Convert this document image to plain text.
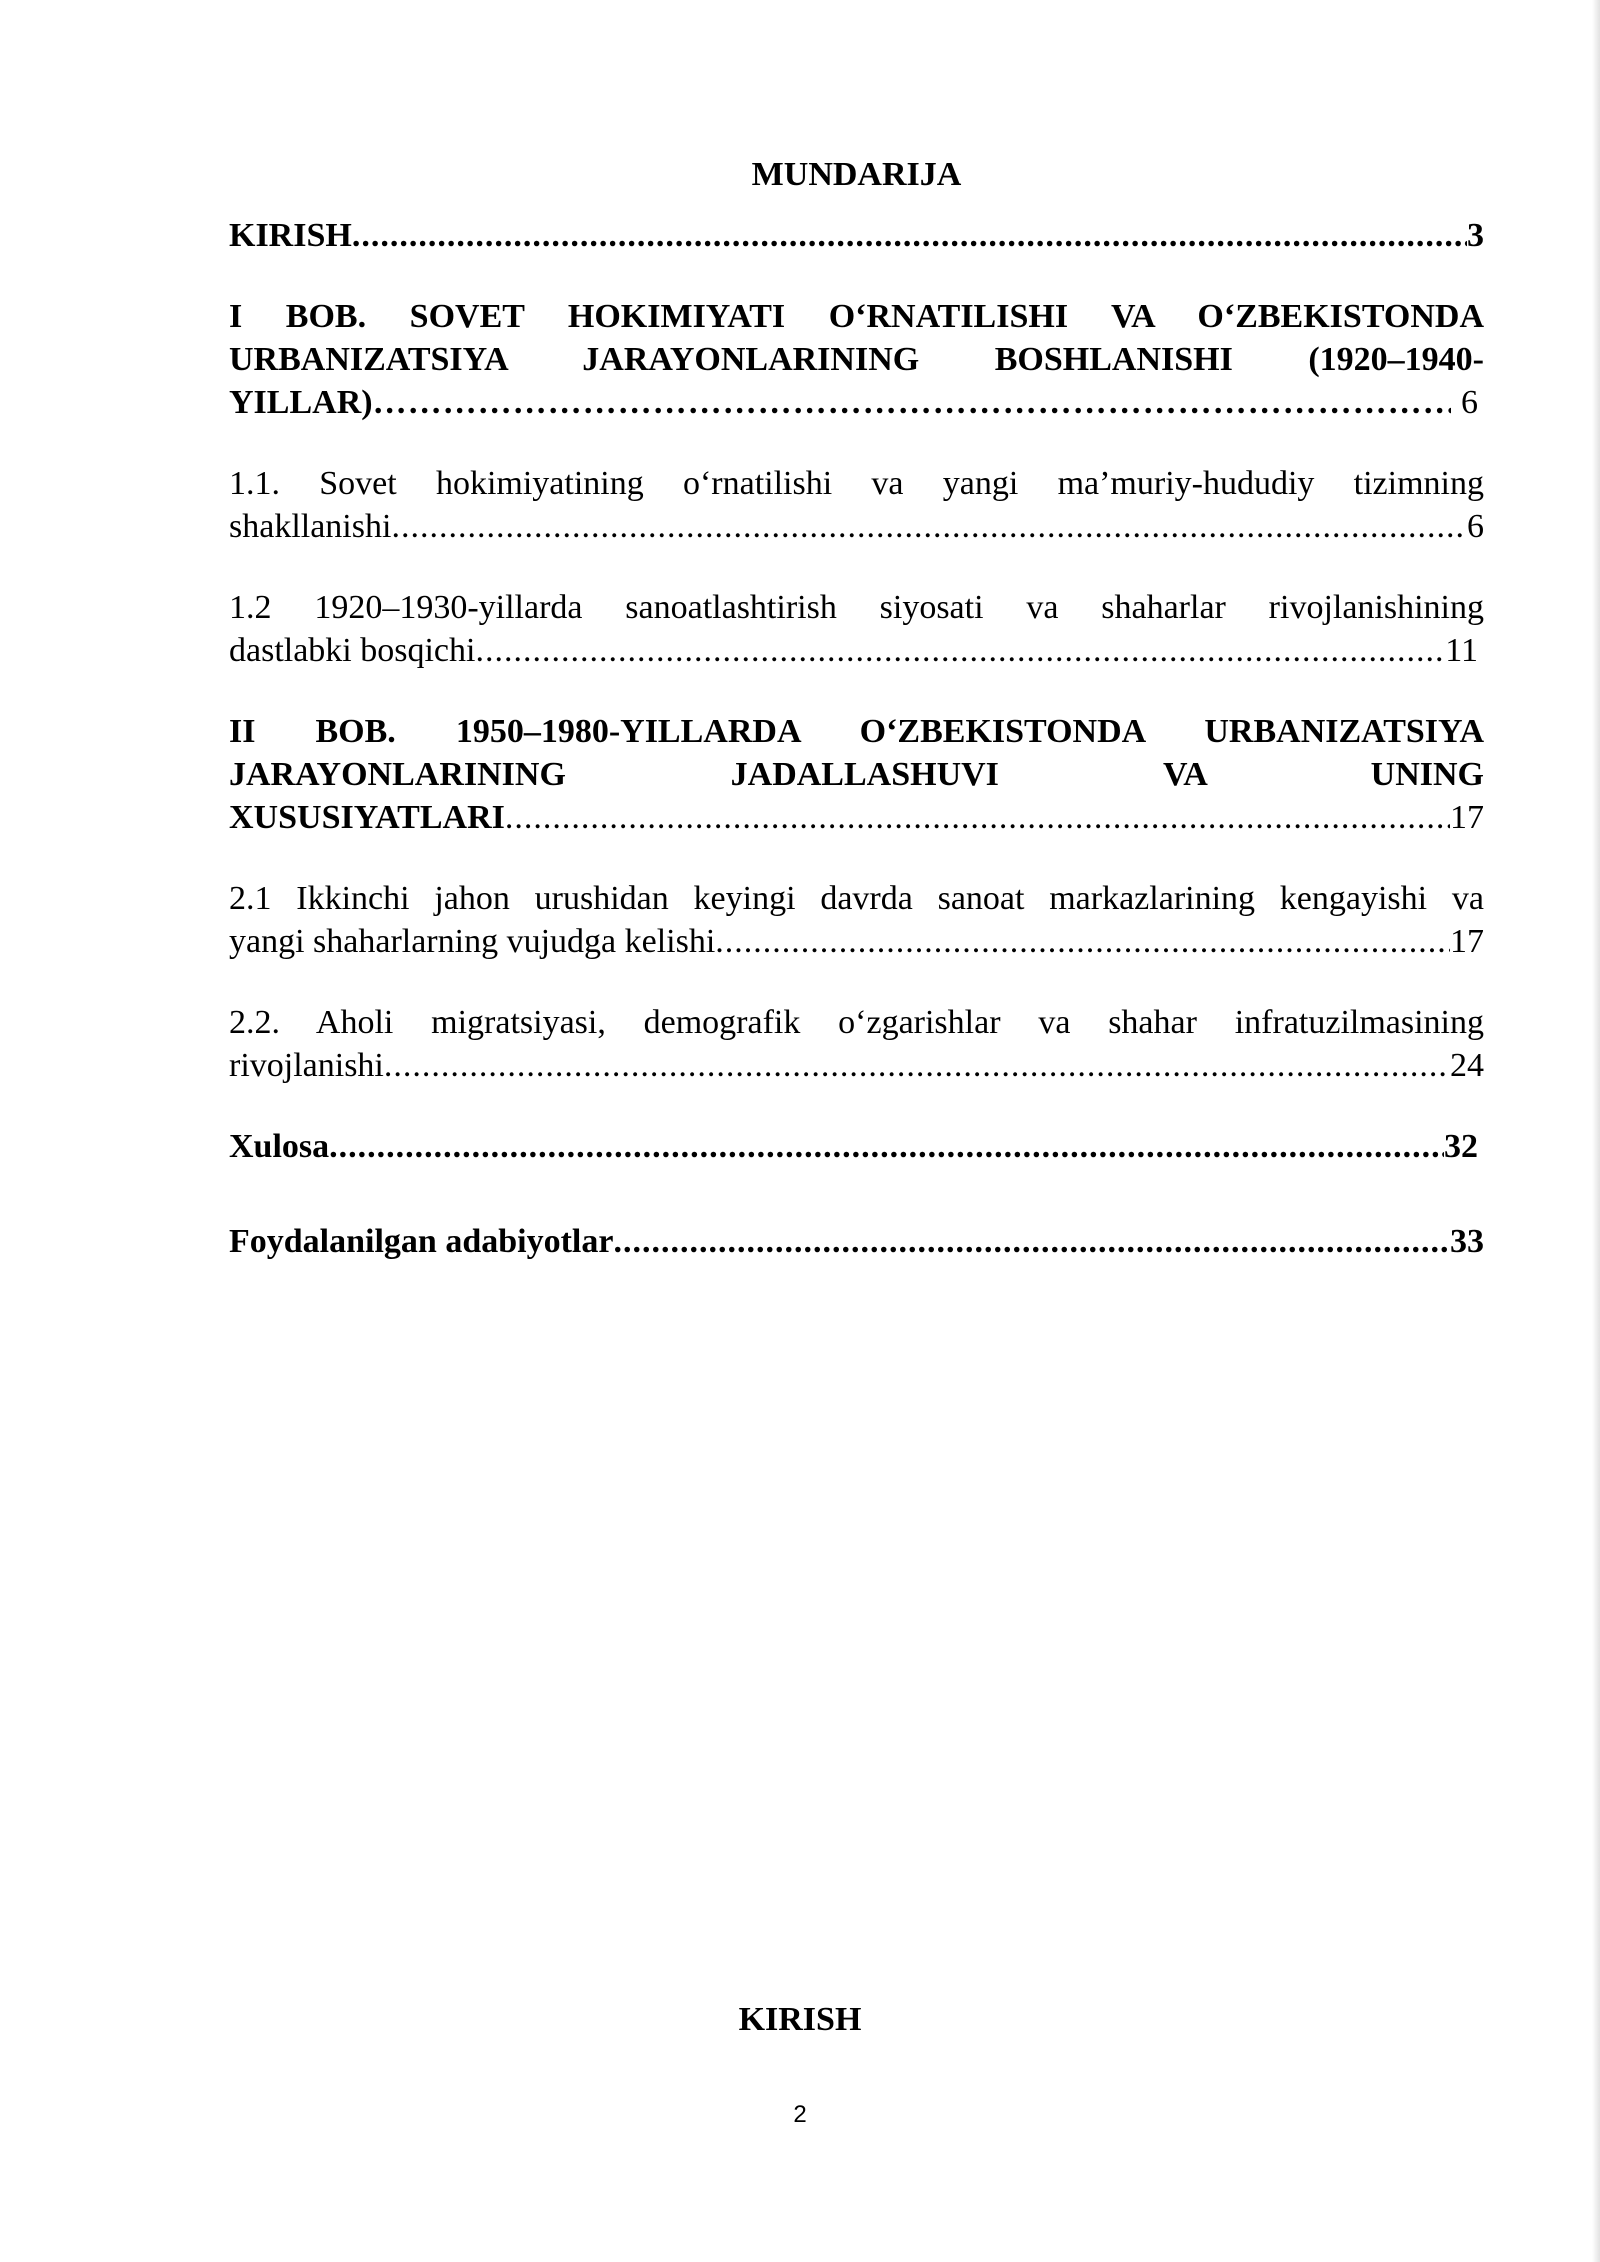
MUNDARIJA
KIRISH .....	3
I BOB. SOVET HOKIMIYATI O‘RNATILISHI VA O‘ZBEKISTONDA
URBANIZATSIYA JARAYONLARINING BOSHLANISHI (1920–1940-
YILLAR) ……………………………………………………………………………………………………………………………………………………………………	6
1.1. Sovet hokimiyatining o‘rnatilishi va yangi ma’muriy-hududiy tizimning
shakllanishi .....	6
1.2 1920–1930-yillarda sanoatlashtirish siyosati va shaharlar rivojlanishining
dastlabki bosqichi .....	11
II BOB. 1950–1980-YILLARDA O‘ZBEKISTONDA URBANIZATSIYA
JARAYONLARINING JADALLASHUVI VA UNING
XUSUSIYATLARI .....	17
2.1 Ikkinchi jahon urushidan keyingi davrda sanoat markazlarining kengayishi va
yangi shaharlarning vujudga kelishi .....	17
2.2. Aholi migratsiyasi, demografik o‘zgarishlar va shahar infratuzilmasining
rivojlanishi .....	24
Xulosa .....	32
Foydalanilgan adabiyotlar .....	33
KIRISH
2
